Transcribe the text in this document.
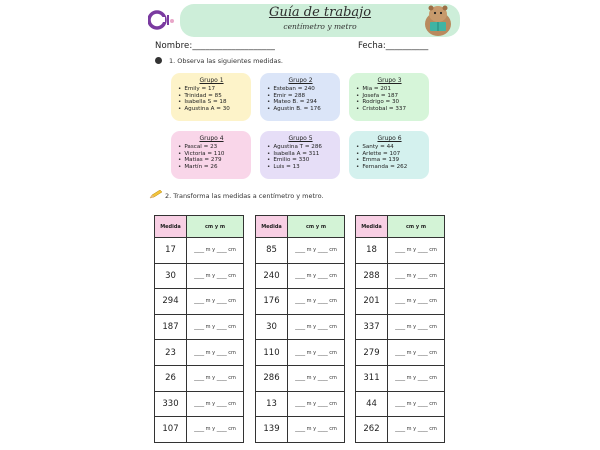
Guía de trabajo
centímetro y metro
Nombre:___________________	Fecha:__________
1. Observa las siguientes medidas.
Grupo 1
• Emily = 17
• Trinidad = 85
• Isabella S = 18
• Agustina A = 30
Grupo 2
• Esteban = 240
• Emir = 288
• Mateo B. = 294
• Agustin B. = 176
Grupo 3
• Mia = 201
• Josefa = 187
• Rodrigo = 30
• Cristobal = 337
Grupo 4
• Pascal = 23
• Victoria = 110
• Matias = 279
• Martín = 26
Grupo 5
• Agustina T = 286
• Isabella A = 311
• Emilio = 330
• Luis = 13
Grupo 6
• Santy = 44
• Arlette = 107
• Emma = 139
• Fernanda = 262
2. Transforma las medidas a centímetro y metro.
Medida	cm y m
17	____ m y ____ cm
30	____ m y ____ cm
294	____ m y ____ cm
187	____ m y ____ cm
23	____ m y ____ cm
26	____ m y ____ cm
330	____ m y ____ cm
107	____ m y ____ cm
Medida	cm y m
85	____ m y ____ cm
240	____ m y ____ cm
176	____ m y ____ cm
30	____ m y ____ cm
110	____ m y ____ cm
286	____ m y ____ cm
13	____ m y ____ cm
139	____ m y ____ cm
Medida	cm y m
18	____ m y ____ cm
288	____ m y ____ cm
201	____ m y ____ cm
337	____ m y ____ cm
279	____ m y ____ cm
311	____ m y ____ cm
44	____ m y ____ cm
262	____ m y ____ cm
